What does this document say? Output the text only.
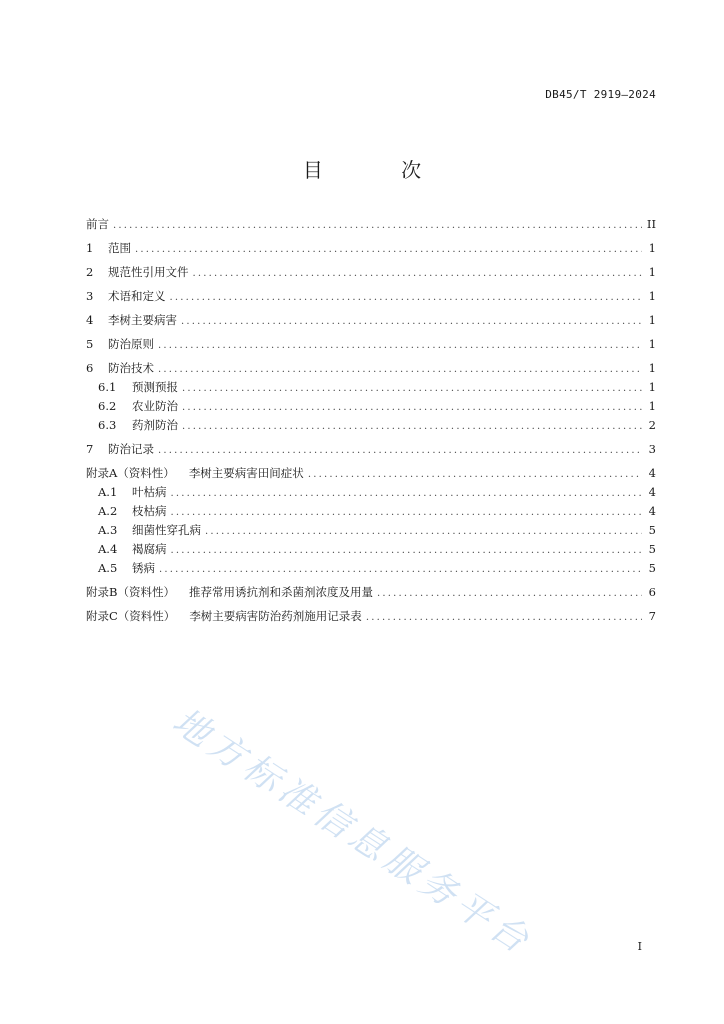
DB45/T 2919—2024
目 次
前言 .....	II
1	范围 .....	1
2	规范性引用文件 .....	1
3	术语和定义 .....	1
4	李树主要病害 .....	1
5	防治原则 .....	1
6	防治技术 .....	1
6.1	预测预报 .....	1
6.2	农业防治 .....	1
6.3	药剂防治 .....	2
7	防治记录 .....	3
附录A（资料性） 李树主要病害田间症状 .....	4
A.1	叶枯病 .....	4
A.2	枝枯病 .....	4
A.3	细菌性穿孔病 .....	5
A.4	褐腐病 .....	5
A.5	锈病 .....	5
附录B（资料性） 推荐常用诱抗剂和杀菌剂浓度及用量 .....	6
附录C（资料性） 李树主要病害防治药剂施用记录表 .....	7
I
地方标准信息服务平台
